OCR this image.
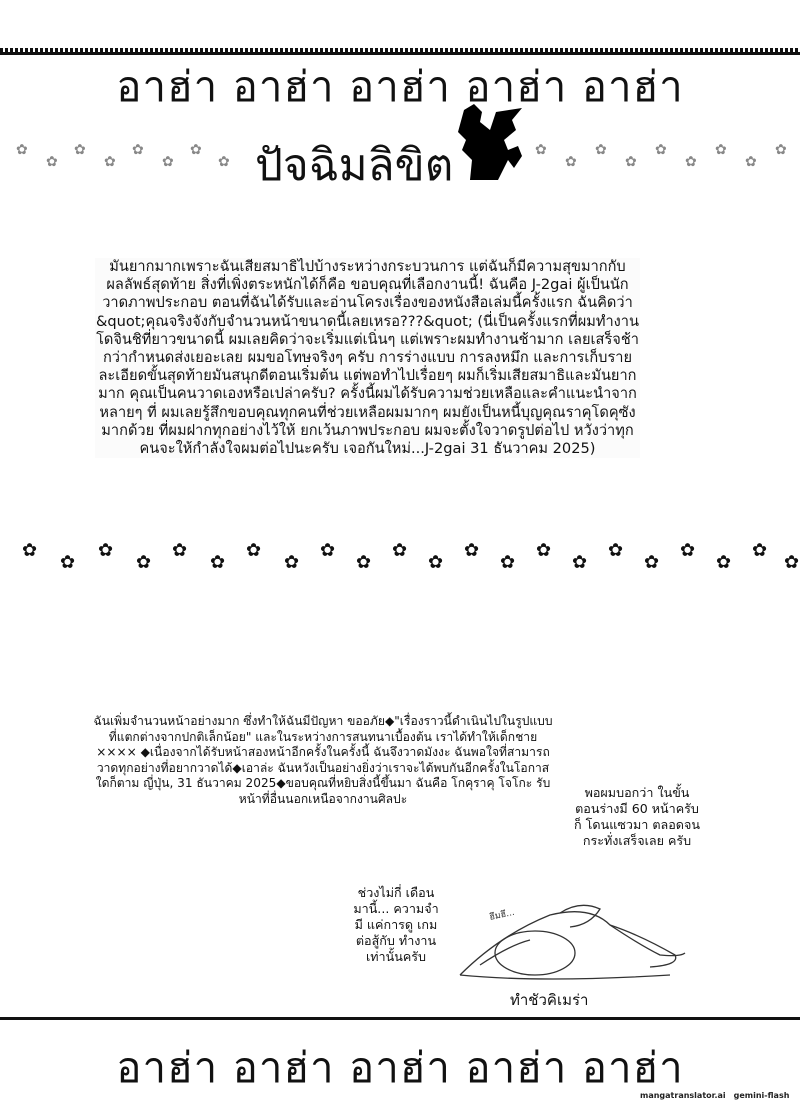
อาฮ่า อาฮ่า อาฮ่า อาฮ่า อาฮ่า
✿
✿
✿
✿
✿
✿
✿
✿
✿
✿
✿
✿
✿
✿
✿
✿
✿
ปัจฉิมลิขิต
มันยากมากเพราะฉันเสียสมาธิไปบ้างระหว่างกระบวนการ แต่ฉันก็มีความสุขมากกับผลลัพธ์สุดท้าย สิ่งที่เพิ่งตระหนักได้ก็คือ ขอบคุณที่เลือกงานนี้! ฉันคือ J-2gai ผู้เป็นนักวาดภาพประกอบ ตอนที่ฉันได้รับและอ่านโครงเรื่องของหนังสือเล่มนี้ครั้งแรก ฉันคิดว่า &quot;คุณจริงจังกับจำนวนหน้าขนาดนี้เลยเหรอ???&quot; (นี่เป็นครั้งแรกที่ผมทำงานโดจินชิที่ยาวขนาดนี้ ผมเลยคิดว่าจะเริ่มแต่เนิ่นๆ แต่เพราะผมทำงานช้ามาก เลยเสร็จช้ากว่ากำหนดส่งเยอะเลย ผมขอโทษจริงๆ ครับ การร่างแบบ การลงหมึก และการเก็บรายละเอียดขั้นสุดท้ายมันสนุกดีตอนเริ่มต้น แต่พอทำไปเรื่อยๆ ผมก็เริ่มเสียสมาธิและมันยากมาก คุณเป็นคนวาดเองหรือเปล่าครับ? ครั้งนี้ผมได้รับความช่วยเหลือและคำแนะนำจากหลายๆ ที่ ผมเลยรู้สึกขอบคุณทุกคนที่ช่วยเหลือผมมากๆ ผมยังเป็นหนี้บุญคุณราคุโดคุซังมากด้วย ที่ผมฝากทุกอย่างไว้ให้ ยกเว้นภาพประกอบ ผมจะตั้งใจวาดรูปต่อไป หวังว่าทุกคนจะให้กำลังใจผมต่อไปนะครับ เจอกันใหม่...J-2gai 31 ธันวาคม 2025)
✿
✿
✿
✿
✿
✿
✿
✿
✿
✿
✿
✿
✿
✿
✿
✿
✿
✿
✿
✿
✿
✿
ฉันเพิ่มจำนวนหน้าอย่างมาก ซึ่งทำให้ฉันมีปัญหา ขออภัย◆"เรื่องราวนี้ดำเนินไปในรูปแบบที่แตกต่างจากปกติเล็กน้อย" และในระหว่างการสนทนาเบื้องต้น เราได้ทำให้เด็กชาย ×××× ◆เนื่องจากได้รับหน้าสองหน้าอีกครั้งในครั้งนี้ ฉันจึงวาดมังงะ ฉันพอใจที่สามารถวาดทุกอย่างที่อยากวาดได้◆เอาล่ะ ฉันหวังเป็นอย่างยิ่งว่าเราจะได้พบกันอีกครั้งในโอกาสใดก็ตาม ญี่ปุ่น, 31 ธันวาคม 2025◆ขอบคุณที่หยิบสิ่งนี้ขึ้นมา ฉันคือ โกคุราคุ โจโกะ รับหน้าที่อื่นนอกเหนือจากงานศิลปะ	พอผมบอกว่า ในขั้นตอนร่างมี 60 หน้าครับ ก็ โดนแซวมา ตลอดจน กระทั่งเสร็จเลย ครับ
ช่วงไม่กี่ เดือนมานี้... ความจำมี แค่การดู เกมต่อสู้กับ ทำงาน เท่านั้นครับ
ฮึมฮึ...
ทำชัวคิเมร่า
อาฮ่า อาฮ่า อาฮ่า อาฮ่า อาฮ่า
mangatranslator.ai gemini-flash
